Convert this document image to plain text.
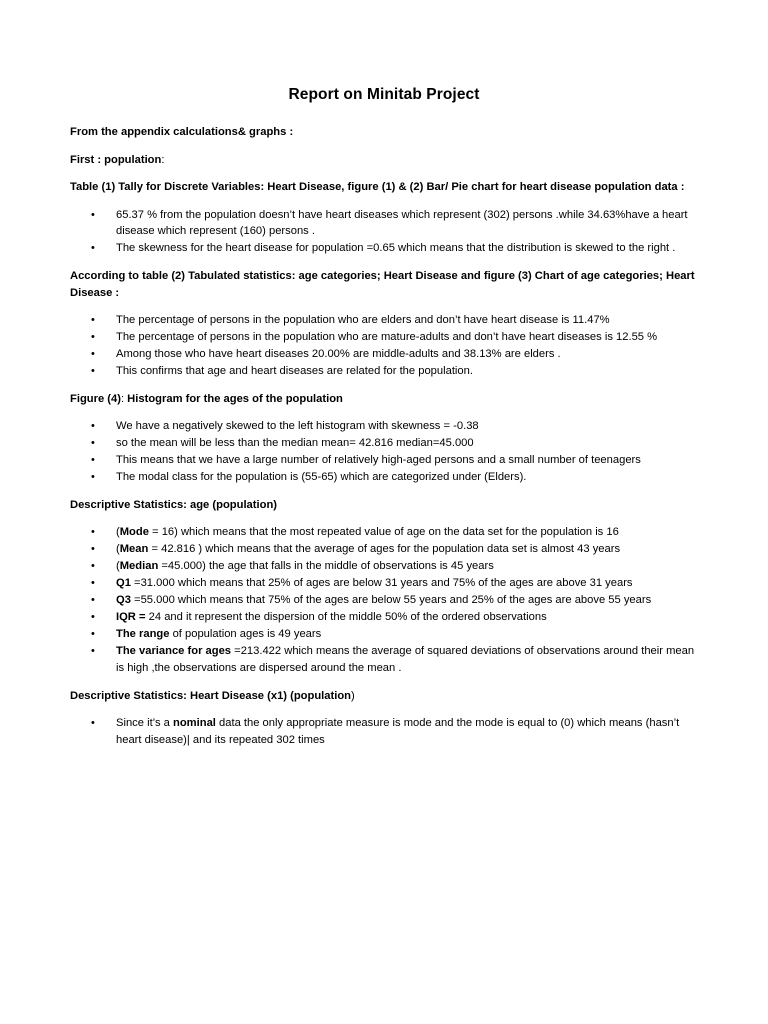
Report on Minitab Project
From the appendix calculations& graphs :
First : population:
Table (1) Tally for Discrete Variables: Heart Disease, figure (1) & (2) Bar/ Pie chart for heart disease population data :
• 65.37 % from the population doesn’t have heart diseases which represent (302) persons .while 34.63%have a heart disease which represent (160) persons .
• The skewness for the heart disease for population =0.65 which means that the distribution is skewed to the right .
According to table (2) Tabulated statistics: age categories; Heart Disease and figure (3) Chart of age categories; Heart Disease :
• The percentage of persons in the population who are elders and don’t have heart disease is 11.47%
• The percentage of persons in the population who are mature-adults and don’t have heart diseases is 12.55 %
• Among those who have heart diseases 20.00% are middle-adults and 38.13% are elders .
• This confirms that age and heart diseases are related for the population.
Figure (4): Histogram for the ages of the population
• We have a negatively skewed to the left histogram with skewness = -0.38
• so the mean will be less than the median mean= 42.816 median=45.000
• This means that we have a large number of relatively high-aged persons and a small number of teenagers
• The modal class for the population is (55-65) which are categorized under (Elders).
Descriptive Statistics: age (population)
• (Mode = 16) which means that the most repeated value of age on the data set for the population is 16
• (Mean = 42.816 ) which means that the average of ages for the population data set is almost 43 years
• (Median =45.000) the age that falls in the middle of observations is 45 years
• Q1 =31.000 which means that 25% of ages are below 31 years and 75% of the ages are above 31 years
• Q3 =55.000 which means that 75% of the ages are below 55 years and 25% of the ages are above 55 years
• IQR = 24 and it represent the dispersion of the middle 50% of the ordered observations
• The range of population ages is 49 years
• The variance for ages =213.422 which means the average of squared deviations of observations around their mean is high ,the observations are dispersed around the mean .
Descriptive Statistics: Heart Disease (x1) (population)
• Since it’s a nominal data the only appropriate measure is mode and the mode is equal to (0) which means (hasn’t heart disease)| and its repeated 302 times
